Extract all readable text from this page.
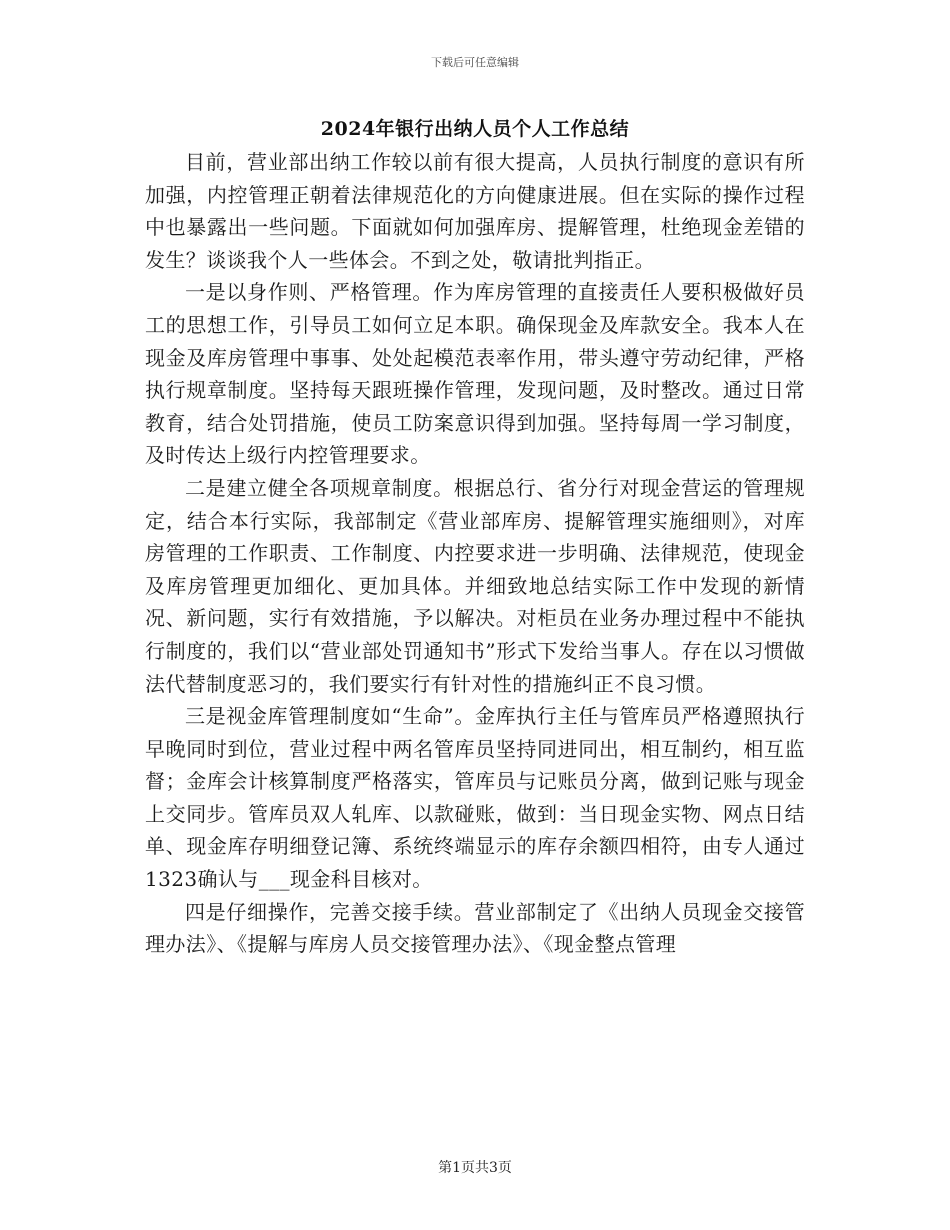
下载后可任意编辑
2024年银行出纳人员个人工作总结

目前，营业部出纳工作较以前有很大提高，人员执行制度的意识有所加强，内控管理正朝着法律规范化的方向健康进展。但在实际的操作过程中也暴露出一些问题。下面就如何加强库房、提解管理，杜绝现金差错的发生？谈谈我个人一些体会。不到之处，敬请批判指正。

一是以身作则、严格管理。作为库房管理的直接责任人要积极做好员工的思想工作，引导员工如何立足本职。确保现金及库款安全。我本人在现金及库房管理中事事、处处起模范表率作用，带头遵守劳动纪律，严格执行规章制度。坚持每天跟班操作管理，发现问题，及时整改。通过日常教育，结合处罚措施，使员工防案意识得到加强。坚持每周一学习制度，及时传达上级行内控管理要求。

二是建立健全各项规章制度。根据总行、省分行对现金营运的管理规定，结合本行实际，我部制定《营业部库房、提解管理实施细则》，对库房管理的工作职责、工作制度、内控要求进一步明确、法律规范，使现金及库房管理更加细化、更加具体。并细致地总结实际工作中发现的新情况、新问题，实行有效措施，予以解决。对柜员在业务办理过程中不能执行制度的，我们以“营业部处罚通知书”形式下发给当事人。存在以习惯做法代替制度恶习的，我们要实行有针对性的措施纠正不良习惯。

三是视金库管理制度如“生命”。金库执行主任与管库员严格遵照执行早晚同时到位，营业过程中两名管库员坚持同进同出，相互制约，相互监督；金库会计核算制度严格落实，管库员与记账员分离，做到记账与现金上交同步。管库员双人轧库、以款碰账，做到：当日现金实物、网点日结单、现金库存明细登记簿、系统终端显示的库存余额四相符，由专人通过1323确认与___现金科目核对。

四是仔细操作，完善交接手续。营业部制定了《出纳人员现金交接管理办法》、《提解与库房人员交接管理办法》、《现金整点管理

第1页共3页
